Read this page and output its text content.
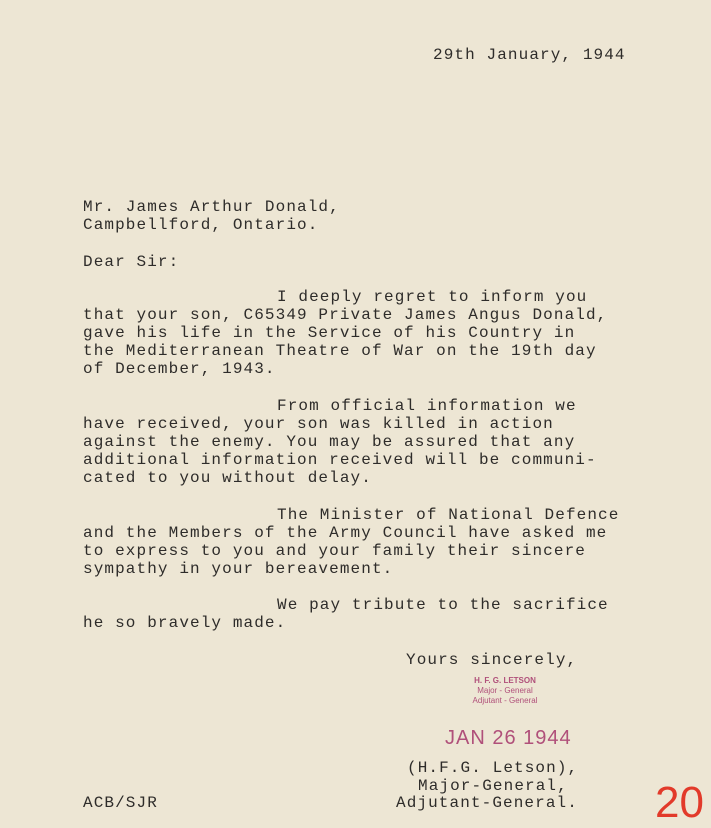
29th January, 1944
Mr. James Arthur Donald,
Campbellford, Ontario.
Dear Sir:
I deeply regret to inform you
that your son, C65349 Private James Angus Donald,
gave his life in the Service of his Country in
the Mediterranean Theatre of War on the 19th day
of December, 1943.
From official information we
have received, your son was killed in action
against the enemy. You may be assured that any
additional information received will be communi-
cated to you without delay.
The Minister of National Defence
and the Members of the Army Council have asked me
to express to you and your family their sincere
sympathy in your bereavement.
We pay tribute to the sacrifice
he so bravely made.
Yours sincerely,
H. F. G. LETSON
Major - General
Adjutant - General
JAN 26 1944
(H.F.G. Letson),
Major-General,
Adjutant-General.
ACB/SJR	20
